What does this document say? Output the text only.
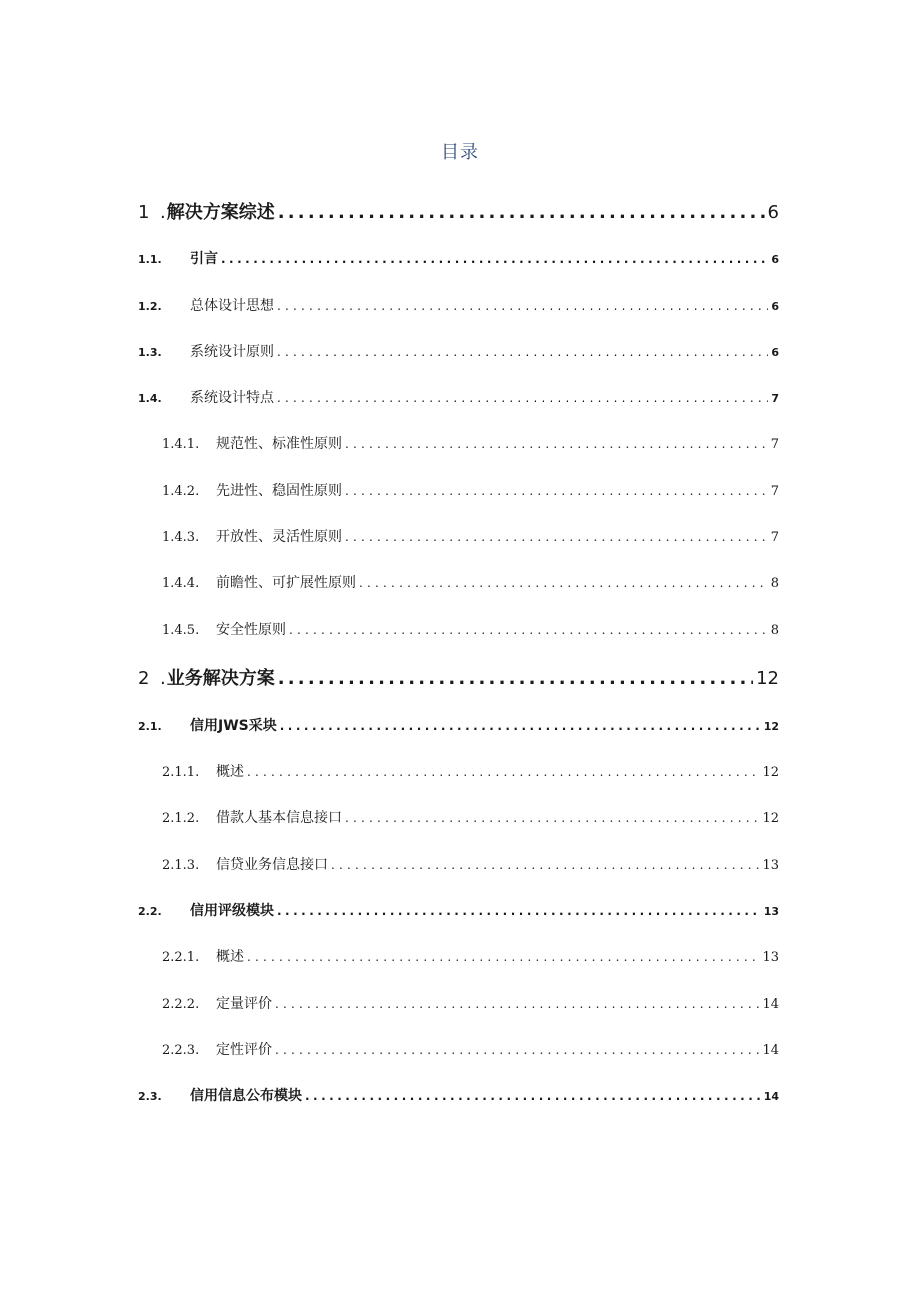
目录
1 . 解决方案综述 .....	6
1.1.	引言 .....	6
1.2.	总体设计思想 .....	6
1.3.	系统设计原则 .....	6
1.4.	系统设计特点 .....	7
1.4.1.	规范性、标准性原则 .....	7
1.4.2.	先进性、稳固性原则 .....	7
1.4.3.	开放性、灵活性原则 .....	7
1.4.4.	前瞻性、可扩展性原则 .....	8
1.4.5.	安全性原则 .....	8
2 . 业务解决方案 .....	12
2.1.	信用JWS采块 .....	12
2.1.1.	概述 .....	12
2.1.2.	借款人基本信息接口 .....	12
2.1.3.	信贷业务信息接口 .....	13
2.2.	信用评级模块 .....	13
2.2.1.	概述 .....	13
2.2.2.	定量评价 .....	14
2.2.3.	定性评价 .....	14
2.3.	信用信息公布模块 .....	14
